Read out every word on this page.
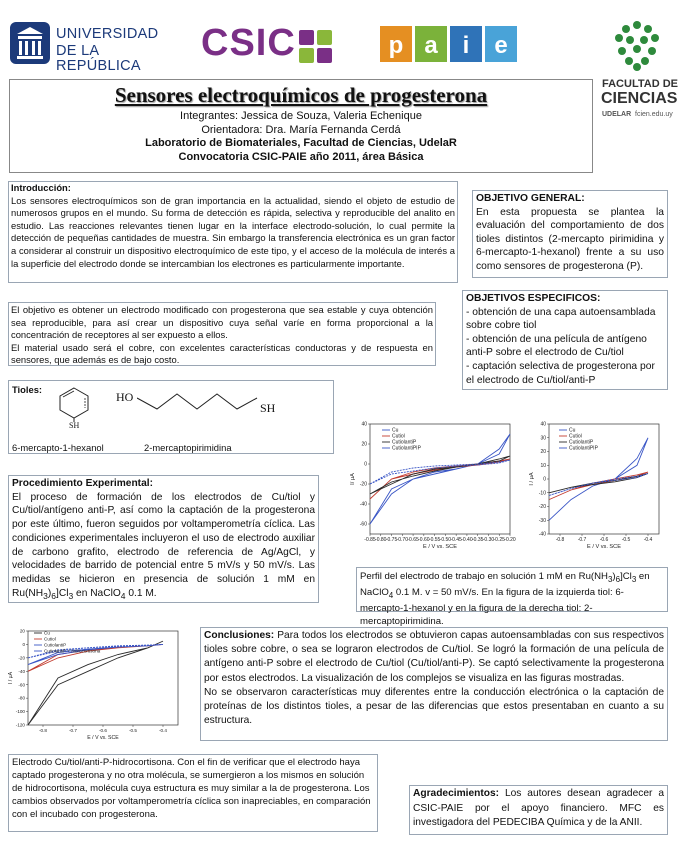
UNIVERSIDAD
DE LA REPÚBLICA
CSIC	p a i e
FACULTAD DE
CIENCIAS
UDELAR fcien.edu.uy
Sensores electroquímicos de progesterona
Integrantes: Jessica de Souza, Valeria Echenique
Orientadora: Dra. María Fernanda Cerdá
Laboratorio de Biomateriales, Facultad de Ciencias, UdelaR
Convocatoria CSIC-PAIE año 2011, área Básica
Introducción:
Los sensores electroquímicos son de gran importancia en la actualidad, siendo el objeto de estudio de numerosos grupos en el mundo. Su forma de detección es rápida, selectiva y reproducible del analito en estudio. Las reacciones relevantes tienen lugar en la interface electrodo-solución, lo cual permite la detección de pequeñas cantidades de muestra. Sin embargo la transferencia electrónica es un gran factor a considerar al construir un dispositivo electroquímico de este tipo, y el acceso de la molécula de interés a la superficie del electrodo donde se intercambian los electrones es particularmente importante.
El objetivo es obtener un electrodo modificado con progesterona que sea estable y cuya obtención sea reproducible, para así crear un dispositivo cuya señal varíe en forma proporcional a la concentración de receptores al ser expuesto a ellos.
El material usado será el cobre, con excelentes características conductoras y de respuesta en sensores, que además es de bajo costo.
OBJETIVO GENERAL:
En esta propuesta se plantea la evaluación del comportamiento de dos tioles distintos (2-mercapto pirimidina y 6-mercapto-1-hexanol) frente a su uso como sensores de progesterona (P).
OBJETIVOS ESPECIFICOS:
- obtención de una capa autoensamblada sobre cobre tiol
- obtención de una película de antígeno anti-P sobre el electrodo de Cu/tiol
- captación selectiva de progesterona por el electrodo de Cu/tiol/anti-P
Tioles:
SH
HO
SH
6-mercapto-1-hexanol	2-mercaptopirimidina
Procedimiento Experimental:
El proceso de formación de los electrodos de Cu/tiol y Cu/tiol/antígeno anti-P, así como la captación de la progesterona por este último, fueron seguidos por voltamperometría cíclica. Las condiciones experimentales incluyeron el uso de electrodo auxiliar de carbono grafito, electrodo de referencia de Ag/AgCl, y velocidades de barrido de potencial entre 5 mV/s y 50 mV/s. Las medidas se hicieron en presencia de solución 1 mM en $Ru(NH_3)_6]Cl_3$ en NaClO$_4$ 0.1 M.
-0.85 -0.80 -0.75 -0.70 -0.65 -0.60 -0.55 -0.50 -0.45 -0.40 -0.35 -0.30 -0.25 -0.20
40
20
0
-20
-40
-60
E / V vs. SCE
I/ µA
Cu
Cutiol
CutiolantiP
CutiolantiPIP
-0.8	-0.7	-0.6	-0.5	-0.4
40
30
20
10
0
-10
-20
-30
-40
E / V vs. SCE
I / µA
Cu
Cutiol
CutiolantiP
CutiolantiPIP
-0.8	-0.7	-0.6	-0.5	-0.4
20
0
-20
-40
-60
-80
-100
-120
E / V vs. SCE
I / µA
Cu
Cutiol
CutiolantiP
CutiolantiP + hidrocortisona
Perfil del electrodo de trabajo en solución 1 mM en $Ru(NH_3)_6]Cl_3$ en NaClO$_4$ 0.1 M. v = 50 mV/s. En la figura de la izquierda tiol: 6-mercapto-1-hexanol y en la figura de la derecha tiol: 2-mercaptopirimidina.
Conclusiones: Para todos los electrodos se obtuvieron capas autoensambladas con sus respectivos tioles sobre cobre, o sea se lograron electrodos de Cu/tiol. Se logró la formación de una película de antígeno anti-P sobre el electrodo de Cu/tiol (Cu/tiol/anti-P). Se captó selectivamente la progesterona por estos electrodos. La visualización de los complejos se visualiza en las figuras mostradas.
No se observaron características muy diferentes entre la conducción electrónica o la captación de proteínas de los distintos tioles, a pesar de las diferencias que estos presentaban en cuanto a su estructura.
Electrodo Cu/tiol/anti-P-hidrocortisona. Con el fin de verificar que el electrodo haya captado progesterona y no otra molécula, se sumergieron a los mismos en solución de hidrocortisona, molécula cuya estructura es muy similar a la de progesterona. Los cambios observados por voltamperometría cíclica son inapreciables, en comparación con el incubado con progesterona.
Agradecimientos: Los autores desean agradecer a CSIC-PAIE por el apoyo financiero. MFC es investigadora del PEDECIBA Química y de la ANII.
